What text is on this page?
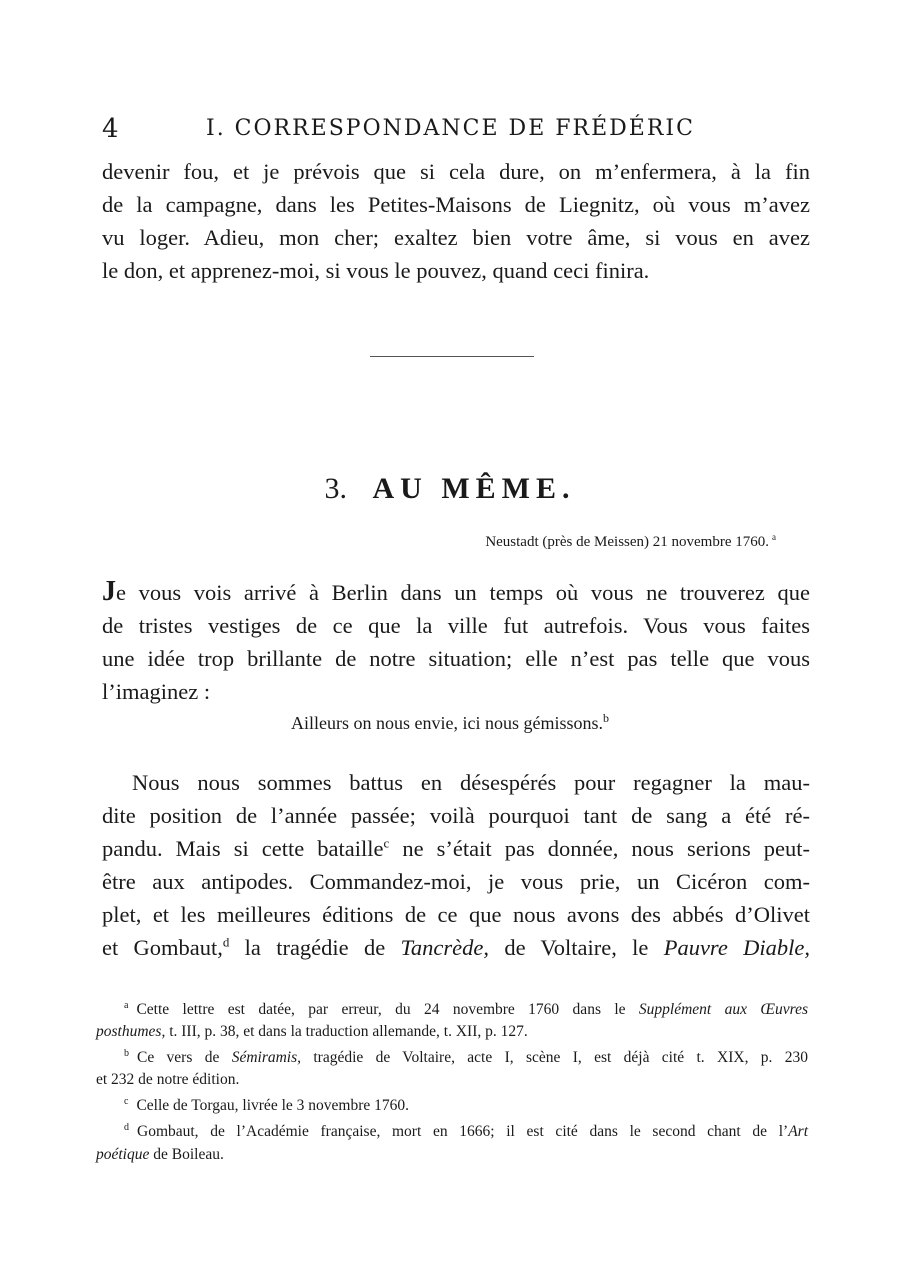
4	I. CORRESPONDANCE DE FRÉDÉRIC
devenir fou, et je prévois que si cela dure, on m’enfermera, à la fin
de la campagne, dans les Petites-Maisons de Liegnitz, où vous m’avez
vu loger. Adieu, mon cher; exaltez bien votre âme, si vous en avez
le don, et apprenez-moi, si vous le pouvez, quand ceci finira.
3. AU MÊME.
Neustadt (près de Meissen) 21 novembre 1760. $^a$
Je vous vois arrivé à Berlin dans un temps où vous ne trouverez que
de tristes vestiges de ce que la ville fut autrefois. Vous vous faites
une idée trop brillante de notre situation; elle n’est pas telle que vous
l’imaginez :
Ailleurs on nous envie, ici nous gémissons.$^b$
Nous nous sommes battus en désespérés pour regagner la mau-
dite position de l’année passée; voilà pourquoi tant de sang a été ré-
pandu. Mais si cette bataille$^c$ ne s’était pas donnée, nous serions peut-
être aux antipodes. Commandez-moi, je vous prie, un Cicéron com-
plet, et les meilleures éditions de ce que nous avons des abbés d’Olivet
et Gombaut,$^d$ la tragédie de Tancrède, de Voltaire, le Pauvre Diable,
$^a$ Cette lettre est datée, par erreur, du 24 novembre 1760 dans le Supplément aux Œuvres
posthumes, t. III, p. 38, et dans la traduction allemande, t. XII, p. 127.
$^b$ Ce vers de Sémiramis, tragédie de Voltaire, acte I, scène I, est déjà cité t. XIX, p. 230
et 232 de notre édition.
$^c$ Celle de Torgau, livrée le 3 novembre 1760.
$^d$ Gombaut, de l’Académie française, mort en 1666; il est cité dans le second chant de l’Art
poétique de Boileau.
